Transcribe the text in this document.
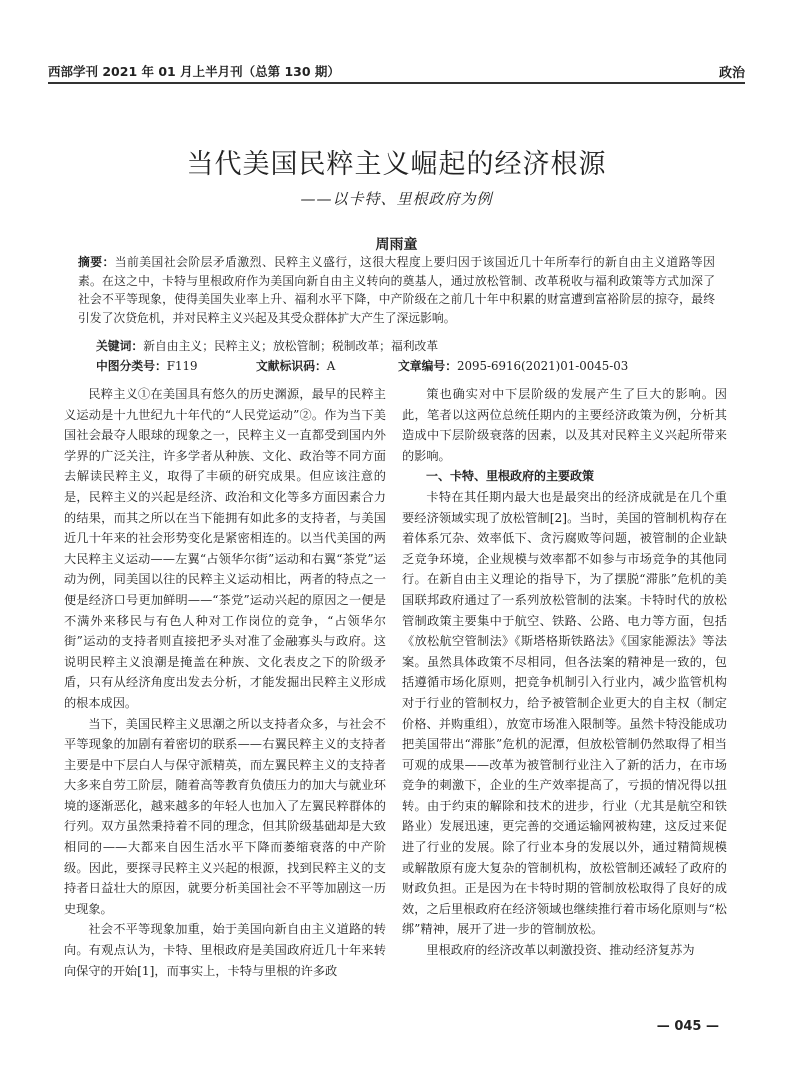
西部学刊 2021 年 01 月上半月刊（总第 130 期）	政治
当代美国民粹主义崛起的经济根源
——以卡特、里根政府为例
周雨童
摘要：当前美国社会阶层矛盾激烈、民粹主义盛行，这很大程度上要归因于该国近几十年所奉行的新自由主义道路等因素。在这之中，卡特与里根政府作为美国向新自由主义转向的奠基人，通过放松管制、改革税收与福利政策等方式加深了社会不平等现象，使得美国失业率上升、福利水平下降，中产阶级在之前几十年中积累的财富遭到富裕阶层的掠夺，最终引发了次贷危机，并对民粹主义兴起及其受众群体扩大产生了深远影响。
关键词：新自由主义；民粹主义；放松管制；税制改革；福利改革
中图分类号：F119	文献标识码：A	文章编号：2095-6916(2021)01-0045-03

民粹主义①在美国具有悠久的历史渊源，最早的民粹主义运动是十九世纪九十年代的“人民党运动”②。作为当下美国社会最夺人眼球的现象之一，民粹主义一直都受到国内外学界的广泛关注，许多学者从种族、文化、政治等不同方面去解读民粹主义，取得了丰硕的研究成果。但应该注意的是，民粹主义的兴起是经济、政治和文化等多方面因素合力的结果，而其之所以在当下能拥有如此多的支持者，与美国近几十年来的社会形势变化是紧密相连的。以当代美国的两大民粹主义运动——左翼“占领华尔街”运动和右翼“茶党”运动为例，同美国以往的民粹主义运动相比，两者的特点之一便是经济口号更加鲜明——“茶党”运动兴起的原因之一便是不满外来移民与有色人种对工作岗位的竞争，“占领华尔街”运动的支持者则直接把矛头对准了金融寡头与政府。这说明民粹主义浪潮是掩盖在种族、文化表皮之下的阶级矛盾，只有从经济角度出发去分析，才能发掘出民粹主义形成的根本成因。

当下，美国民粹主义思潮之所以支持者众多，与社会不平等现象的加剧有着密切的联系——右翼民粹主义的支持者主要是中下层白人与保守派精英，而左翼民粹主义的支持者大多来自劳工阶层，随着高等教育负债压力的加大与就业环境的逐渐恶化，越来越多的年轻人也加入了左翼民粹群体的行列。双方虽然秉持着不同的理念，但其阶级基础却是大致相同的——大都来自因生活水平下降而萎缩衰落的中产阶级。因此，要探寻民粹主义兴起的根源，找到民粹主义的支持者日益壮大的原因，就要分析美国社会不平等加剧这一历史现象。

社会不平等现象加重，始于美国向新自由主义道路的转向。有观点认为，卡特、里根政府是美国政府近几十年来转向保守的开始[1]，而事实上，卡特与里根的许多政

策也确实对中下层阶级的发展产生了巨大的影响。因此，笔者以这两位总统任期内的主要经济政策为例，分析其造成中下层阶级衰落的因素，以及其对民粹主义兴起所带来的影响。

一、卡特、里根政府的主要政策

卡特在其任期内最大也是最突出的经济成就是在几个重要经济领域实现了放松管制[2]。当时，美国的管制机构存在着体系冗杂、效率低下、贪污腐败等问题，被管制的企业缺乏竞争环境，企业规模与效率都不如参与市场竞争的其他同行。在新自由主义理论的指导下，为了摆脱“滞胀”危机的美国联邦政府通过了一系列放松管制的法案。卡特时代的放松管制政策主要集中于航空、铁路、公路、电力等方面，包括《放松航空管制法》《斯塔格斯铁路法》《国家能源法》等法案。虽然具体政策不尽相同，但各法案的精神是一致的，包括遵循市场化原则，把竞争机制引入行业内，减少监管机构对于行业的管制权力，给予被管制企业更大的自主权（制定价格、并购重组），放宽市场准入限制等。虽然卡特没能成功把美国带出“滞胀”危机的泥潭，但放松管制仍然取得了相当可观的成果——改革为被管制行业注入了新的活力，在市场竞争的刺激下，企业的生产效率提高了，亏损的情况得以扭转。由于约束的解除和技术的进步，行业（尤其是航空和铁路业）发展迅速，更完善的交通运输网被构建，这反过来促进了行业的发展。除了行业本身的发展以外，通过精简规模或解散原有庞大复杂的管制机构，放松管制还减轻了政府的财政负担。正是因为在卡特时期的管制放松取得了良好的成效，之后里根政府在经济领域也继续推行着市场化原则与“松绑”精神，展开了进一步的管制放松。

里根政府的经济改革以刺激投资、推动经济复苏为

— 045 —
